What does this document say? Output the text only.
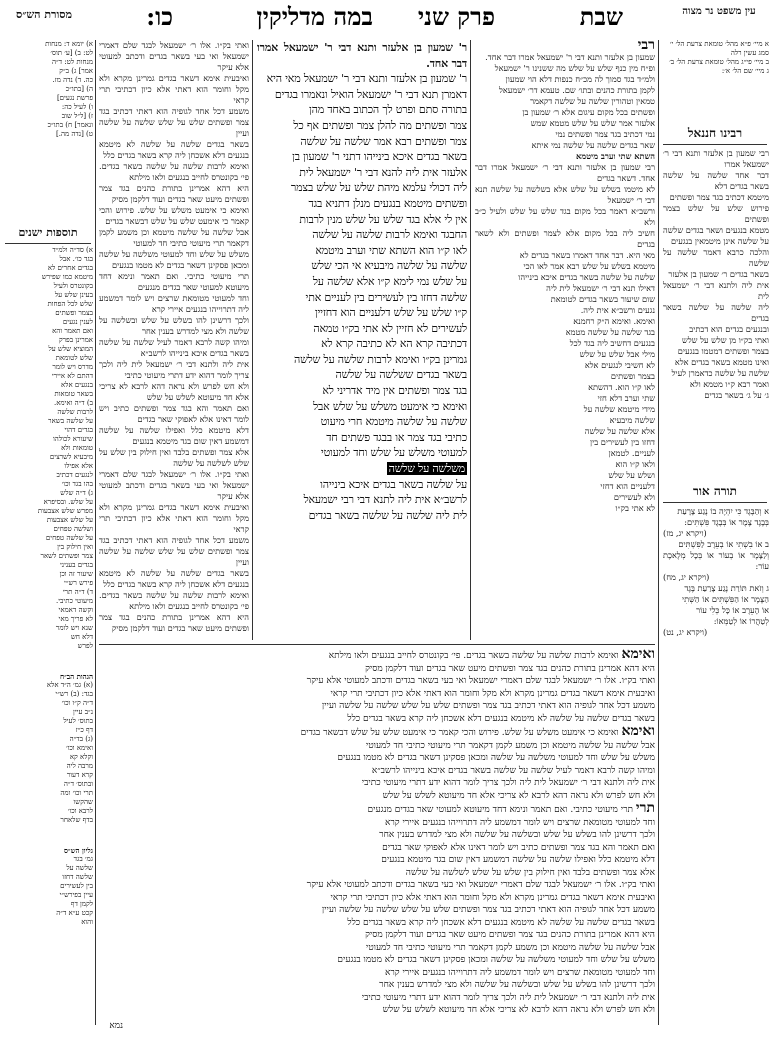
כו:	במה מדליקין פרק שני	שבת
מסורת הש״ס	עין משפט נר מצוה
א מיי׳ פ״א מהל׳ טומאת צרעת הל׳ י׳
סמג עשין רלה
ב מיי׳ פי״ג מהל׳ טומאת צרעת הל׳ ב׳
ג מיי׳ שם הל׳ א׳:
רבינו חננאל
רבי שמעון בן אלעזר ותנא דבי ר׳ ישמעאל אמרו
דבר אחד שלשה על שלשה בשאר בגדים דלא
מיטמא דכתיב בגד צמר ופשתים
פירוש שלש על שלש בצמר ופשתים
מטמא בנגעים ושאר בגדים שלשה
על שלשה אינן מיטמאין בנגעים
והלכה כרבא דאמר שלשה על שלשה
בשאר בגדים ר׳ שמעון בן אלעזר
אית ליה ולתנא דבי ר׳ ישמעאל לית
ליה שלשה על שלשה בשאר בגדים
ובנגעים בגדים הוא דכתיב
ואתי בק״ו מן שלש על שלש
בצמר ופשתים דמטמו בנגעים
ואינו מטמא בשאר בגדים אלא
שלשה על שלשה כדאמרן לעיל
ואמר רבא ק״ו מטמא ולא
ג׳ על ג׳ בשאר בגדים
תורה אור
א וְהַבֶּגֶד כִּי יִהְיֶה בוֹ נֶגַע צָרָעַת
בְּבֶגֶד צֶמֶר אוֹ בְּבֶגֶד פִּשְׁתִּים:
(ויקרא יג, מז)
ב אוֹ בִשְׁתִי אוֹ בְעֵרֶב לַפִּשְׁתִּים
וְלַצָּמֶר אוֹ בְעוֹר אוֹ בְּכָל מְלֶאכֶת עוֹר:
(ויקרא יג, מח)
ג וְזֹאת תּוֹרַת נֶגַע צָרַעַת בֶּגֶד
הַצֶּמֶר אוֹ הַפִּשְׁתִּים אוֹ הַשְּׁתִי
אוֹ הָעֵרֶב אוֹ כָּל כְּלִי עוֹר
לְטַהֲרוֹ אוֹ לְטַמְּאוֹ:
(ויקרא יג, נט)
א) יומא ד: מנחות
לט: ב) [ע׳ תוס׳
מנחות לט: ד״ה
אמר] ג) ב״ק
כה. ד) נדה מז.
ה) [בתו״כ
פרשת נגעים]
ו) לעיל כה:
ז) [ל״ל שוב
ונאמר] ח) בתו״כ
ט) [נדה מה.]
תוספות ישנים
א) סד״ה ולמ״ד
בגד כו׳. אבל
בגדים אחרים לא
מיטמא כמו שפירש
בקונטרס ולעיל
בעינן שלש על
שלש לכל הפחות
בצמר ופשתים
לענין נגעים
ואם תאמר והא
אמרינן בפרק
המוציא שלש על
שלש לטומאת
מדרס ויש לומר
דהתם לא איירי
בנגעים אלא
בשאר טומאות
ב) ד״ה ואימא.
לרבות שלשה
על שלשה בשאר
בגדים דהוי
שיעורא לכולהו
טומאות ולא
מיבעיא לשרצים
אלא אפילו
לנגעים דכתיב
בהו בגד וכו׳
ג) ד״ה שלש
על שלש. ובסיפרא
מפרש שלש אצבעות
על שלש אצבעות
ושלשה טפחים
על שלשה טפחים
ואין חילוק בין
צמר ופשתים לשאר
בגדים בעניני
שיעור זה וכן
פירש רש״י
ד) ד״ה תרי
מיעוטי כתיבי.
וקשה דאמאי
לא פריך מאי
שנא ויש לומר
דלא חש
לפרש
הגהות הב״ח
(א) גמ׳ ה״ד אלא
בגד: (ב) רש״י
ד״ה ק״ו וכו׳
נ״ב עיין
בתוס׳ לעיל
דף כ״ז
(ג) בד״ה
ואימא וכו׳
וקלא קא
מרבה ליה
קרא דעור
ובתוס׳ ד״ה
תרי וכו׳ ומה
שהקשו
לרבא וכו׳
בדף שלאחר
גליון הש״ס
גמ׳ בגד
שלשה על
שלשה דחזו
בין לעשירים
עיין בפירש״י
לקמן דף
קכט ע״א ד״ה
והוא
רבי
שמעון בן אלעזר ותנא דבי ר' ישמעאל אמרו דבר אחד.
ופ״ח מין כנף שלש על שלש מה ששנינו ר' ישמעאל
ולמ״ד בגד סמוך לה מכ״ח כנפות דלא הוי שמעון
לקמן בתורת כהנים ובתו׳ שם. טעמא דר׳ ישמעאל
טמאין וטהורין שלשה על שלשה דקאמר
ופשתים בכל מקום עיגום אלא ר׳ שמעון בן
אלעזר אמר שלש על שלש מטמא שמש
נמי דכתיב בגד צמר ופשתים נמי
שאר בגדים שלשה על שלשה נמי איתא
השתא שתי וערב מיטמא
רבי שמעון בן אלעזר ותנא דבי ר׳ ישמעאל אמרו דבר אחד. דשאר בגדים
לא מיטמו בשלש על שלש אלא בשלשה על שלשה תנא דבי ר׳ ישמעאל
ורשב״א דאמר בכל מקום בגד שלש על שלש ולעיל כ״ב ולא
חשיב ליה בכל מקום אלא לצמר ופשתים ולא לשאר בגדים
מאי היא. דבר אחד דאמרו בשאר בגדים לא
מיטמא בשלש על שלש רבא אמר לאו הכי
שלשה על שלשה בשאר בגדים איכא בינייהו
דאילו תנא דבי ר׳ ישמעאל לית ליה
שום שיעור בשאר בגדים לטומאת
נגעים ורשב״א אית ליה.
ואימא. ואימא ה״ק רחמנא
בגד שלשה על שלשה מטמא
בנגעים דחשיב ליה בגד לכל
מילי אבל שלש על שלש
לא חשיבי לנגעים אלא
בצמר ופשתים
לאו ק״ו הוא. דהשתא
שתי וערב דלא חזי
מידי מיטמא שלשה על
שלשה מיבעיא
אלא שלשה על שלשה
דחזו בין לעשירים בין
לעניים. לטמאן
ולאו ק״ו הוא
ושלש על שלש
דלעניים הוא דחזי
ולא לעשירים
לא אתי בק״ו
ר' שמעון בן אלעזר ותנא דבי ר' ישמעאל אמרו דבר אחד.
ר' שמעון בן אלעזר ותנא דבי ר' ישמעאל מאי היא
דאמרן תנא דבי ר' ישמעאל הואיל ונאמרו בגדים
בתורה סתם ופרט לך הכתוב באחד מהן
צמר ופשתים מה להלן צמר ופשתים אף כל
צמר ופשתים רבא אמר שלשה על שלשה
בשאר בגדים איכא בינייהו דתני ר' שמעון בן
אלעזר אית ליה להנא דבי ר' ישמעאל לית
ליה דכולי עלמא מיהת שלש על שלש בצמר
ופשתים מיטמא בנגעים מנלן דתניא בגד
אין לי אלא בגד שלש על שלש מנין לרבות
החבגד ואימא לרבות שלשה על שלשה
לאו ק״ו הוא השתא שתי וערב מיטמא
שלשה על שלשה מיבעיא אי הכי שלש
על שלש נמי לימא ק״ו אלא שלשה על
שלשה דחזו בין לעשירים בין לעניים אתי
ק״ו שלש על שלש דלעניים הוא דחזיין
לעשירים לא חזיין לא אתי בק״ו טמאה
דכתיבה קרא הא לא כתיבה קרא לא
גמרינן בק״ו ואימא לרבות שלשה על שלשה
בשאר בגדים ששלשה על שלשה
בגד צמר ופשתים אין מיד אדריני לא
ואימא כי אימעט משלש על שלש אבל
שלשה על שלשה מיטמא חרי מיעוט
כתיבי בגד צמר או בבגד פשתים חד
למעוטי משלש על שלש וחד למעוטי
משלשה על שלשה
על שלשה בשאר בגדים איכא בינייהו
לרשב״א אית ליה לתנא דבי רבי ישמעאל
לית ליה שלשה על שלשה בשאר בגדים
ואתי בק״ו. אלו ר׳ ישמעאל לבגד שלם דאמרי ישמעאל ואי בעי בשאר בגדים ודכתב למעוטי אלא עיקר
ואיבעית אימא דשאר בגדים גמרינן מקרא ולא מקל וחומר הוא דאתי אלא כיון דכתיבי תרי קראי
משמע דכל אחד לגופיה הוא דאתי דכתיב בגד צמר ופשתים שלש על שלש שלשה על שלשה ועיין
בשאר בגדים שלשה על שלשה לא מיטמא בנגעים דלא אשכחן ליה קרא בשאר בגדים כלל
ואימא לרבות שלשה על שלשה בשאר בגדים. פי׳ בקונטרס לחייב בנגעים ולאו מילתא
היא דהא אמרינן בתורת כהנים בגד צמר ופשתים מיעט שאר בגדים ועוד דלקמן מסיק
ואימא כי אימעט משלש על שלש. פירוש והכי קאמר כי אימעט שלש על שלש דבשאר בגדים
אבל שלשה על שלשה מיטמא וכן משמע לקמן דקאמר תרי מיעוטי כתיבי חד למעוטי
משלש על שלש וחד למעוטי משלשה על שלשה ומכאן פסקינן דשאר בגדים לא מטמו בנגעים
תרי מיעוטי כתיבי. ואם תאמר ונימא דחד מיעוטא למעוטי שאר בגדים מנגעים
וחד למעוטי מטומאת שרצים ויש לומר דמשמע ליה דתרוייהו בנגעים איירי קרא
ולכך דרשינן להו בשלש על שלש ובשלשה על שלשה ולא מצי למדרש בענין אחר
ומיהו קשה לרבא דאמר לעיל שלשה על שלשה בשאר בגדים איכא בינייהו לרשב״א
אית ליה ולתנא דבי ר׳ ישמעאל לית ליה ולכך צריך לומר דהוא ידע דתרי מיעוטי כתיבי
ולא חש לפרש ולא נראה דהא לרבא לא צריכי אלא חד מיעוטא לשלש על שלש
ואם תאמר והא בגד צמר ופשתים כתיב ויש לומר דאינו אלא לאפוקי שאר בגדים
דלא מיטמא כלל ואפילו שלשה על שלשה דמשמע דאין שום בגד מיטמא בנגעים
אלא צמר ופשתים בלבד ואין חילוק בין שלש על שלש לשלשה על שלשה
ואתי בק״ו. אלו ר׳ ישמעאל לבגד שלם דאמרי ישמעאל ואי בעי בשאר בגדים ודכתב למעוטי אלא עיקר
ואיבעית אימא דשאר בגדים גמרינן מקרא ולא מקל וחומר הוא דאתי אלא כיון דכתיבי תרי קראי
משמע דכל אחד לגופיה הוא דאתי דכתיב בגד צמר ופשתים שלש על שלש שלשה על שלשה ועיין
בשאר בגדים שלשה על שלשה לא מיטמא בנגעים דלא אשכחן ליה קרא בשאר בגדים כלל
ואימא לרבות שלשה על שלשה בשאר בגדים. פי׳ בקונטרס לחייב בנגעים ולאו מילתא
היא דהא אמרינן בתורת כהנים בגד צמר ופשתים מיעט שאר בגדים ועוד דלקמן מסיק
ואימא ואימא לרבות שלשה על שלשה בשאר בגדים. פי׳ בקונטרס לחייב בנגעים ולאו מילתא
היא דהא אמרינן בתורת כהנים בגד צמר ופשתים מיעט שאר בגדים ועוד דלקמן מסיק
ואתי בק״ו. אלו ר׳ ישמעאל לבגד שלם דאמרי ישמעאל ואי בעי בשאר בגדים ודכתב למעוטי אלא עיקר
ואיבעית אימא דשאר בגדים גמרינן מקרא ולא מקל וחומר הוא דאתי אלא כיון דכתיבי תרי קראי
משמע דכל אחד לגופיה הוא דאתי דכתיב בגד צמר ופשתים שלש על שלש שלשה על שלשה ועיין
בשאר בגדים שלשה על שלשה לא מיטמא בנגעים דלא אשכחן ליה קרא בשאר בגדים כלל
ואימא ואימא כי אימעט משלש על שלש. פירוש והכי קאמר כי אימעט שלש על שלש דבשאר בגדים
אבל שלשה על שלשה מיטמא וכן משמע לקמן דקאמר תרי מיעוטי כתיבי חד למעוטי
משלש על שלש וחד למעוטי משלשה על שלשה ומכאן פסקינן דשאר בגדים לא מטמו בנגעים
ומיהו קשה לרבא דאמר לעיל שלשה על שלשה בשאר בגדים איכא בינייהו לרשב״א
אית ליה ולתנא דבי ר׳ ישמעאל לית ליה ולכך צריך לומר דהוא ידע דתרי מיעוטי כתיבי
ולא חש לפרש ולא נראה דהא לרבא לא צריכי אלא חד מיעוטא לשלש על שלש
תרי תרי מיעוטי כתיבי. ואם תאמר ונימא דחד מיעוטא למעוטי שאר בגדים מנגעים
וחד למעוטי מטומאת שרצים ויש לומר דמשמע ליה דתרוייהו בנגעים איירי קרא
ולכך דרשינן להו בשלש על שלש ובשלשה על שלשה ולא מצי למדרש בענין אחר
ואם תאמר והא בגד צמר ופשתים כתיב ויש לומר דאינו אלא לאפוקי שאר בגדים
דלא מיטמא כלל ואפילו שלשה על שלשה דמשמע דאין שום בגד מיטמא בנגעים
אלא צמר ופשתים בלבד ואין חילוק בין שלש על שלש לשלשה על שלשה
ואתי בק״ו. אלו ר׳ ישמעאל לבגד שלם דאמרי ישמעאל ואי בעי בשאר בגדים ודכתב למעוטי אלא עיקר
ואיבעית אימא דשאר בגדים גמרינן מקרא ולא מקל וחומר הוא דאתי אלא כיון דכתיבי תרי קראי
משמע דכל אחד לגופיה הוא דאתי דכתיב בגד צמר ופשתים שלש על שלש שלשה על שלשה ועיין
בשאר בגדים שלשה על שלשה לא מיטמא בנגעים דלא אשכחן ליה קרא בשאר בגדים כלל
היא דהא אמרינן בתורת כהנים בגד צמר ופשתים מיעט שאר בגדים ועוד דלקמן מסיק
אבל שלשה על שלשה מיטמא וכן משמע לקמן דקאמר תרי מיעוטי כתיבי חד למעוטי
משלש על שלש וחד למעוטי משלשה על שלשה ומכאן פסקינן דשאר בגדים לא מטמו בנגעים
וחד למעוטי מטומאת שרצים ויש לומר דמשמע ליה דתרוייהו בנגעים איירי קרא
ולכך דרשינן להו בשלש על שלש ובשלשה על שלשה ולא מצי למדרש בענין אחר
אית ליה ולתנא דבי ר׳ ישמעאל לית ליה ולכך צריך לומר דהוא ידע דתרי מיעוטי כתיבי
ולא חש לפרש ולא נראה דהא לרבא לא צריכי אלא חד מיעוטא לשלש על שלש
נמא
